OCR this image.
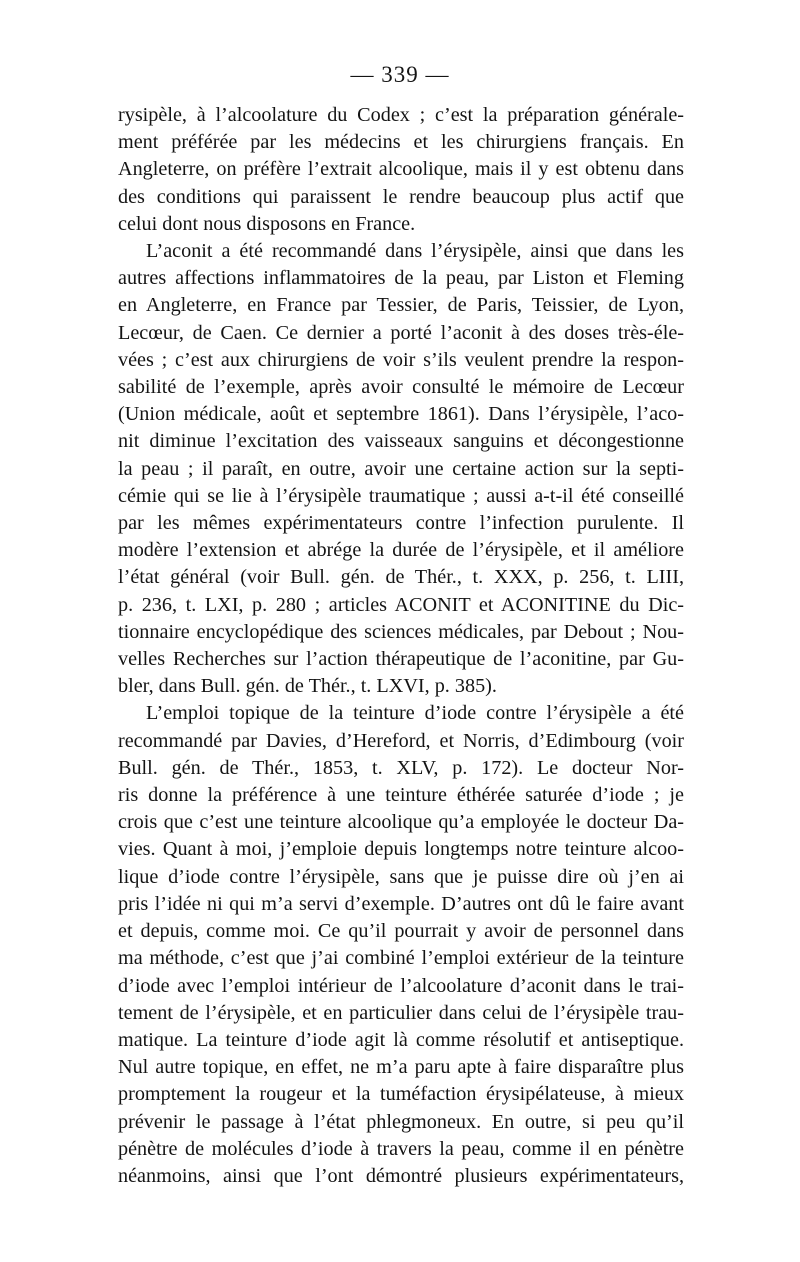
— 339 —
rysipèle, à l’alcoolature du Codex ; c’est la préparation générale-
ment préférée par les médecins et les chirurgiens français. En
Angleterre, on préfère l’extrait alcoolique, mais il y est obtenu dans
des conditions qui paraissent le rendre beaucoup plus actif que
celui dont nous disposons en France.
L’aconit a été recommandé dans l’érysipèle, ainsi que dans les
autres affections inflammatoires de la peau, par Liston et Fleming
en Angleterre, en France par Tessier, de Paris, Teissier, de Lyon,
Lecœur, de Caen. Ce dernier a porté l’aconit à des doses très-éle-
vées ; c’est aux chirurgiens de voir s’ils veulent prendre la respon-
sabilité de l’exemple, après avoir consulté le mémoire de Lecœur
(Union médicale, août et septembre 1861). Dans l’érysipèle, l’aco-
nit diminue l’excitation des vaisseaux sanguins et décongestionne
la peau ; il paraît, en outre, avoir une certaine action sur la septi-
cémie qui se lie à l’érysipèle traumatique ; aussi a-t-il été conseillé
par les mêmes expérimentateurs contre l’infection purulente. Il
modère l’extension et abrége la durée de l’érysipèle, et il améliore
l’état général (voir Bull. gén. de Thér., t. XXX, p. 256, t. LIII,
p. 236, t. LXI, p. 280 ; articles ACONIT et ACONITINE du Dic-
tionnaire encyclopédique des sciences médicales, par Debout ; Nou-
velles Recherches sur l’action thérapeutique de l’aconitine, par Gu-
bler, dans Bull. gén. de Thér., t. LXVI, p. 385).
L’emploi topique de la teinture d’iode contre l’érysipèle a été
recommandé par Davies, d’Hereford, et Norris, d’Edimbourg (voir
Bull. gén. de Thér., 1853, t. XLV, p. 172). Le docteur Nor-
ris donne la préférence à une teinture éthérée saturée d’iode ; je
crois que c’est une teinture alcoolique qu’a employée le docteur Da-
vies. Quant à moi, j’emploie depuis longtemps notre teinture alcoo-
lique d’iode contre l’érysipèle, sans que je puisse dire où j’en ai
pris l’idée ni qui m’a servi d’exemple. D’autres ont dû le faire avant
et depuis, comme moi. Ce qu’il pourrait y avoir de personnel dans
ma méthode, c’est que j’ai combiné l’emploi extérieur de la teinture
d’iode avec l’emploi intérieur de l’alcoolature d’aconit dans le trai-
tement de l’érysipèle, et en particulier dans celui de l’érysipèle trau-
matique. La teinture d’iode agit là comme résolutif et antiseptique.
Nul autre topique, en effet, ne m’a paru apte à faire disparaître plus
promptement la rougeur et la tuméfaction érysipélateuse, à mieux
prévenir le passage à l’état phlegmoneux. En outre, si peu qu’il
pénètre de molécules d’iode à travers la peau, comme il en pénètre
néanmoins, ainsi que l’ont démontré plusieurs expérimentateurs,
